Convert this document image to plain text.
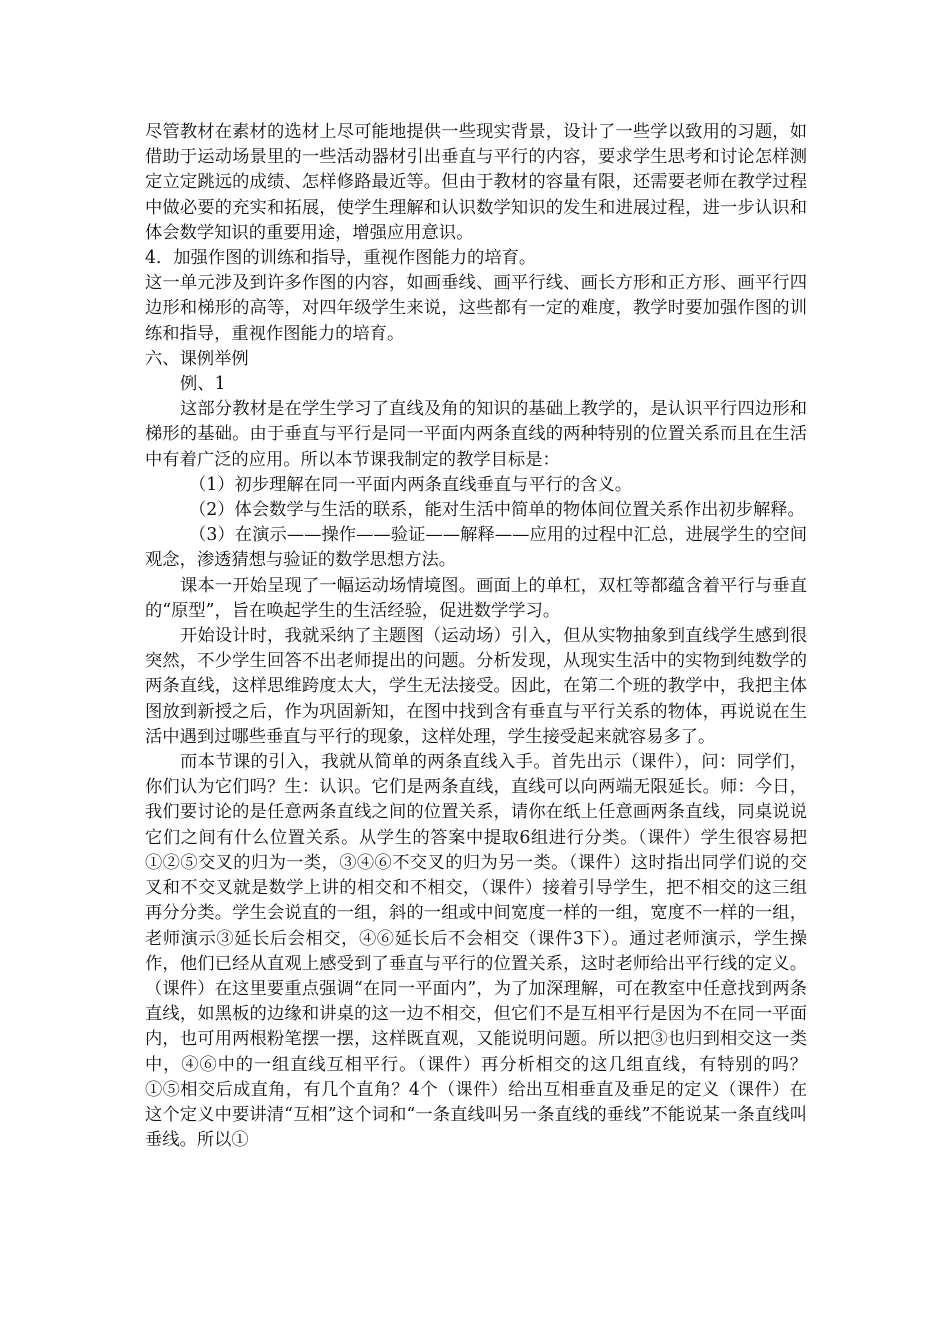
尽管教材在素材的选材上尽可能地提供一些现实背景，设计了一些学以致用的习题，如借助于运动场景里的一些活动器材引出垂直与平行的内容，要求学生思考和讨论怎样测定立定跳远的成绩、怎样修路最近等。但由于教材的容量有限，还需要老师在教学过程中做必要的充实和拓展，使学生理解和认识数学知识的发生和进展过程，进一步认识和体会数学知识的重要用途，增强应用意识。

4．加强作图的训练和指导，重视作图能力的培育。

这一单元涉及到许多作图的内容，如画垂线、画平行线、画长方形和正方形、画平行四边形和梯形的高等，对四年级学生来说，这些都有一定的难度，教学时要加强作图的训练和指导，重视作图能力的培育。

六、课例举例

例、1

这部分教材是在学生学习了直线及角的知识的基础上教学的，是认识平行四边形和梯形的基础。由于垂直与平行是同一平面内两条直线的两种特别的位置关系而且在生活中有着广泛的应用。所以本节课我制定的教学目标是：

（1）初步理解在同一平面内两条直线垂直与平行的含义。

（2）体会数学与生活的联系，能对生活中简单的物体间位置关系作出初步解释。

（3）在演示——操作——验证——解释——应用的过程中汇总，进展学生的空间观念，渗透猜想与验证的数学思想方法。

课本一开始呈现了一幅运动场情境图。画面上的单杠，双杠等都蕴含着平行与垂直的“原型”，旨在唤起学生的生活经验，促进数学学习。

开始设计时，我就采纳了主题图（运动场）引入，但从实物抽象到直线学生感到很突然，不少学生回答不出老师提出的问题。分析发现，从现实生活中的实物到纯数学的两条直线，这样思维跨度太大，学生无法接受。因此，在第二个班的教学中，我把主体图放到新授之后，作为巩固新知，在图中找到含有垂直与平行关系的物体，再说说在生活中遇到过哪些垂直与平行的现象，这样处理，学生接受起来就容易多了。

而本节课的引入，我就从简单的两条直线入手。首先出示（课件），问：同学们，你们认为它们吗？生：认识。它们是两条直线，直线可以向两端无限延长。师：今日，我们要讨论的是任意两条直线之间的位置关系，请你在纸上任意画两条直线，同桌说说它们之间有什么位置关系。从学生的答案中提取6组进行分类。（课件）学生很容易把①②⑤交叉的归为一类，③④⑥不交叉的归为另一类。（课件）这时指出同学们说的交叉和不交叉就是数学上讲的相交和不相交，（课件）接着引导学生，把不相交的这三组再分分类。学生会说直的一组，斜的一组或中间宽度一样的一组，宽度不一样的一组，老师演示③延长后会相交，④⑥延长后不会相交（课件3下）。通过老师演示，学生操作，他们已经从直观上感受到了垂直与平行的位置关系，这时老师给出平行线的定义。（课件）在这里要重点强调“在同一平面内”，为了加深理解，可在教室中任意找到两条直线，如黑板的边缘和讲桌的这一边不相交，但它们不是互相平行是因为不在同一平面内，也可用两根粉笔摆一摆，这样既直观，又能说明问题。所以把③也归到相交这一类中，④⑥中的一组直线互相平行。（课件）再分析相交的这几组直线，有特别的吗？①⑤相交后成直角，有几个直角？4个（课件）给出互相垂直及垂足的定义（课件）在这个定义中要讲清“互相”这个词和“一条直线叫另一条直线的垂线”不能说某一条直线叫垂线。所以①
